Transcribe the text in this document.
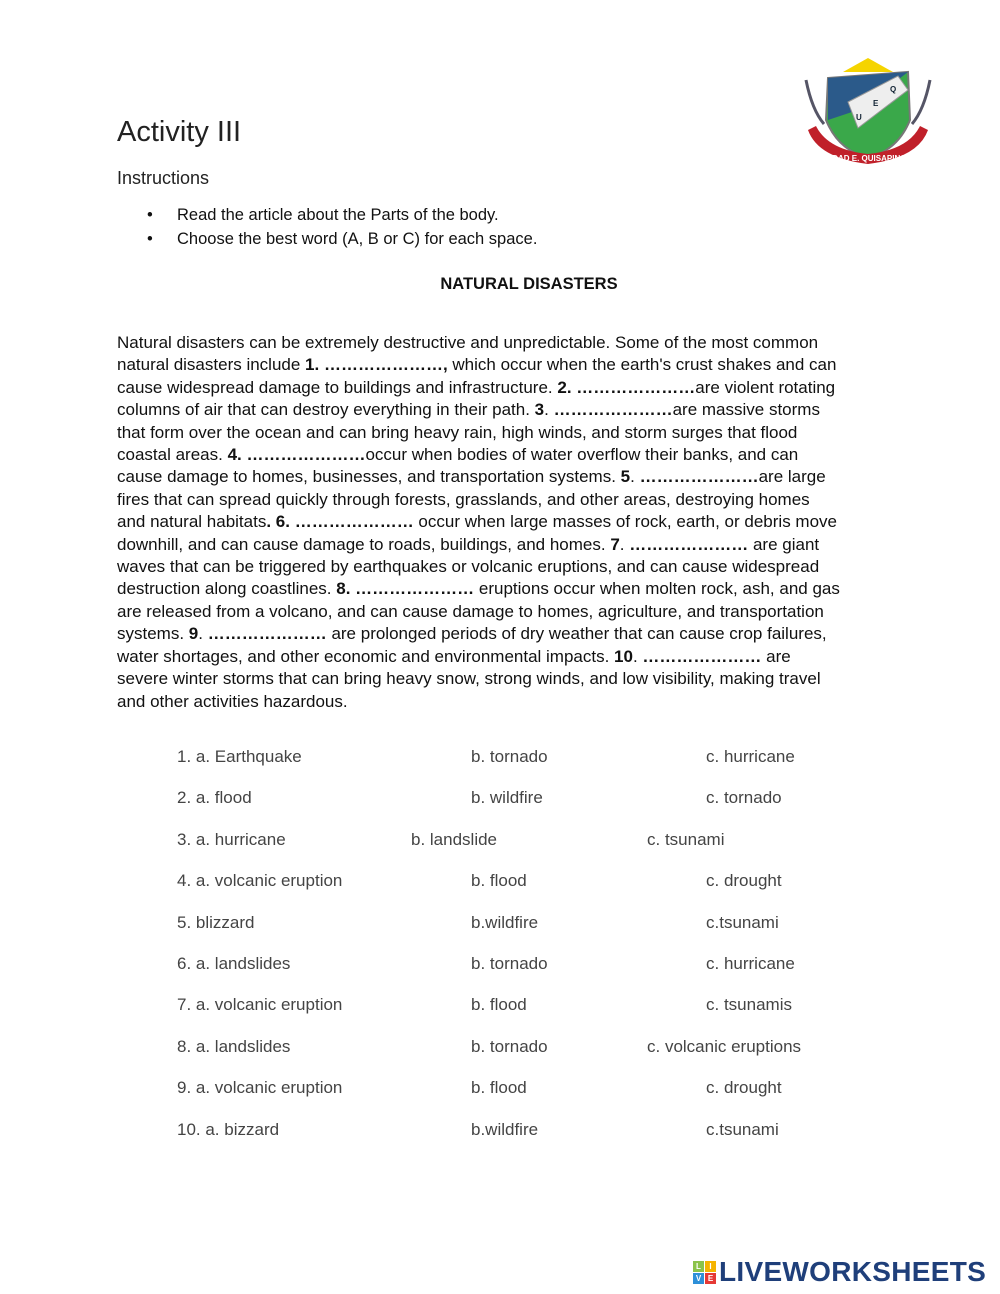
Activity III
Instructions
• Read the article about the Parts of the body.
• Choose the best word (A, B or C) for each space.
U
E
Q
UNIDAD E. QUISAPINCHA
NATURAL DISASTERS
Natural disasters can be extremely destructive and unpredictable. Some of the most common
natural disasters include 1. …………………, which occur when the earth's crust shakes and can
cause widespread damage to buildings and infrastructure. 2. …………………are violent rotating
columns of air that can destroy everything in their path. 3. …………………are massive storms
that form over the ocean and can bring heavy rain, high winds, and storm surges that flood
coastal areas. 4. …………………occur when bodies of water overflow their banks, and can
cause damage to homes, businesses, and transportation systems. 5. …………………are large
fires that can spread quickly through forests, grasslands, and other areas, destroying homes
and natural habitats. 6. ………………… occur when large masses of rock, earth, or debris move
downhill, and can cause damage to roads, buildings, and homes. 7. ………………… are giant
waves that can be triggered by earthquakes or volcanic eruptions, and can cause widespread
destruction along coastlines. 8. ………………… eruptions occur when molten rock, ash, and gas
are released from a volcano, and can cause damage to homes, agriculture, and transportation
systems. 9. ………………… are prolonged periods of dry weather that can cause crop failures,
water shortages, and other economic and environmental impacts. 10. ………………… are
severe winter storms that can bring heavy snow, strong winds, and low visibility, making travel
and other activities hazardous.
1. a. Earthquake	b. tornado	c. hurricane
2. a. flood	b. wildfire	c. tornado
3. a. hurricane	b. landslide	c. tsunami
4. a. volcanic eruption	b. flood	c. drought
5. blizzard	b.wildfire	c.tsunami
6. a. landslides	b. tornado	c. hurricane
7. a. volcanic eruption	b. flood	c. tsunamis
8. a. landslides	b. tornado	c. volcanic eruptions
9. a. volcanic eruption	b. flood	c. drought
10. a. bizzard	b.wildfire	c.tsunami
L	I
V E LIVEWORKSHEETS
